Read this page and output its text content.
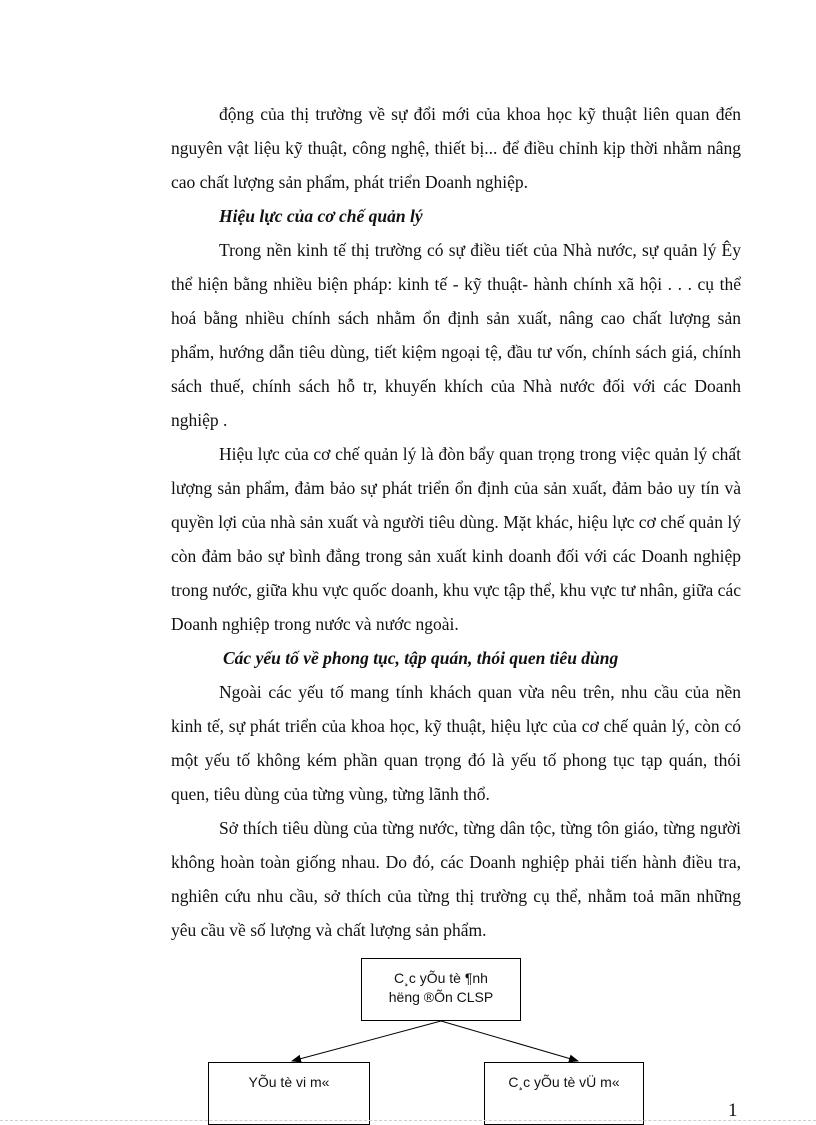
động của thị trường về sự đổi mới của khoa học kỹ thuật liên quan đến nguyên vật liệu kỹ thuật, công nghệ, thiết bị... để điều chỉnh kịp thời nhằm nâng cao chất lượng sản phẩm, phát triển Doanh nghiệp.

Hiệu lực của cơ chế quản lý

Trong nền kinh tế thị trường có sự điều tiết của Nhà nước, sự quản lý Êy thể hiện bằng nhiều biện pháp: kinh tế - kỹ thuật- hành chính xã hội . . . cụ thể hoá bằng nhiều chính sách nhằm ổn định sản xuất, nâng cao chất lượng sản phẩm, hướng dẫn tiêu dùng, tiết kiệm ngoại tệ, đầu tư vốn, chính sách giá, chính sách thuế, chính sách hỗ tr, khuyến khích của Nhà nước đối với các Doanh nghiệp .

Hiệu lực của cơ chế quản lý là đòn bẩy quan trọng trong việc quản lý chất lượng sản phẩm, đảm bảo sự phát triển ổn định của sản xuất, đảm bảo uy tín và quyền lợi của nhà sản xuất và người tiêu dùng. Mặt khác, hiệu lực cơ chế quản lý còn đảm bảo sự bình đẳng trong sản xuất kinh doanh đối với các Doanh nghiệp trong nước, giữa khu vực quốc doanh, khu vực tập thể, khu vực tư nhân, giữa các Doanh nghiệp trong nước và nước ngoài.

Các yếu tố về phong tục, tập quán, thói quen tiêu dùng

Ngoài các yếu tố mang tính khách quan vừa nêu trên, nhu cầu của nền kinh tế, sự phát triển của khoa học, kỹ thuật, hiệu lực của cơ chế quản lý, còn có một yếu tố không kém phần quan trọng đó là yếu tố phong tục tạp quán, thói quen, tiêu dùng của từng vùng, từng lãnh thổ.

Sở thích tiêu dùng của từng nước, từng dân tộc, từng tôn giáo, từng người không hoàn toàn giống nhau. Do đó, các Doanh nghiệp phải tiến hành điều tra, nghiên cứu nhu cầu, sở thích của từng thị trường cụ thể, nhằm toả mãn những yêu cầu về số lượng và chất lượng sản phẩm.

C¸c yÕu tè ¶nh
hëng ®Õn CLSP
YÕu tè vi m«	C¸c yÕu tè vÜ m«
1
